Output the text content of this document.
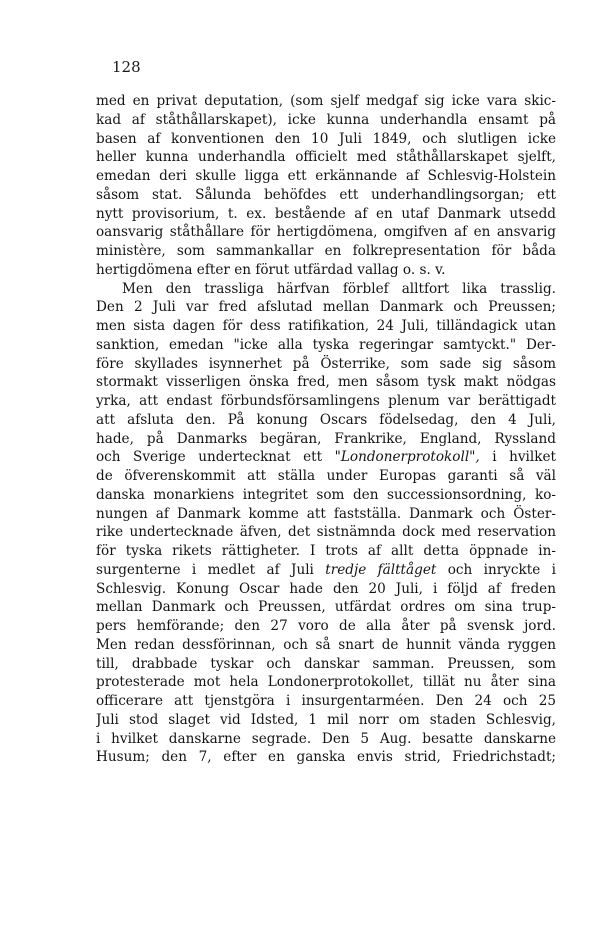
128
med en privat deputation, (som sjelf medgaf sig icke vara skic-
kad af ståthållarskapet), icke kunna underhandla ensamt på
basen af konventionen den 10 Juli 1849, och slutligen icke
heller kunna underhandla officielt med ståthållarskapet sjelft,
emedan deri skulle ligga ett erkännande af Schlesvig-Holstein
såsom stat. Sålunda behöfdes ett underhandlingsorgan; ett
nytt provisorium, t. ex. bestående af en utaf Danmark utsedd
oansvarig ståthållare för hertigdömena, omgifven af en ansvarig
ministère, som sammankallar en folkrepresentation för båda
hertigdömena efter en förut utfärdad vallag o. s. v.
Men den trassliga härfvan förblef alltfort lika trasslig.
Den 2 Juli var fred afslutad mellan Danmark och Preussen;
men sista dagen för dess ratifikation, 24 Juli, tilländagick utan
sanktion, emedan "icke alla tyska regeringar samtyckt." Der-
före skyllades isynnerhet på Österrike, som sade sig såsom
stormakt visserligen önska fred, men såsom tysk makt nödgas
yrka, att endast förbundsförsamlingens plenum var berättigadt
att afsluta den. På konung Oscars födelsedag, den 4 Juli,
hade, på Danmarks begäran, Frankrike, England, Ryssland
och Sverige undertecknat ett "Londonerprotokoll", i hvilket
de öfverenskommit att ställa under Europas garanti så väl
danska monarkiens integritet som den successionsordning, ko-
nungen af Danmark komme att fastställa. Danmark och Öster-
rike undertecknade äfven, det sistnämnda dock med reservation
för tyska rikets rättigheter. I trots af allt detta öppnade in-
surgenterne i medlet af Juli tredje fälttåget och inryckte i
Schlesvig. Konung Oscar hade den 20 Juli, i följd af freden
mellan Danmark och Preussen, utfärdat ordres om sina trup-
pers hemförande; den 27 voro de alla åter på svensk jord.
Men redan dessförinnan, och så snart de hunnit vända ryggen
till, drabbade tyskar och danskar samman. Preussen, som
protesterade mot hela Londonerprotokollet, tillät nu åter sina
officerare att tjenstgöra i insurgentarméen. Den 24 och 25
Juli stod slaget vid Idsted, 1 mil norr om staden Schlesvig,
i hvilket danskarne segrade. Den 5 Aug. besatte danskarne
Husum; den 7, efter en ganska envis strid, Friedrichstadt;
